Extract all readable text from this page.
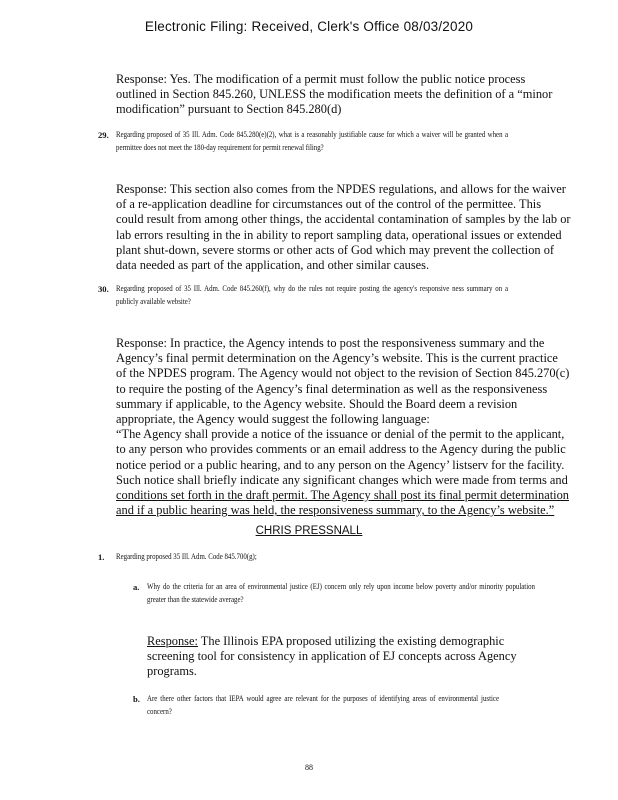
Electronic Filing: Received, Clerk's Office 08/03/2020
Response: Yes. The modification of a permit must follow the public notice process
outlined in Section 845.260, UNLESS the modification meets the definition of a “minor
modification” pursuant to Section 845.280(d)
29. Regarding proposed of 35 Ill. Adm. Code 845.280(e)(2), what is a reasonably justifiable cause for which a waiver will be granted when a permittee does not meet the 180-day requirement for permit renewal filing?
Response: This section also comes from the NPDES regulations, and allows for the waiver
of a re-application deadline for circumstances out of the control of the permittee. This
could result from among other things, the accidental contamination of samples by the lab or
lab errors resulting in the in ability to report sampling data, operational issues or extended
plant shut-down, severe storms or other acts of God which may prevent the collection of
data needed as part of the application, and other similar causes.
30. Regarding proposed of 35 Ill. Adm. Code 845.260(f), why do the rules not require posting the agency's responsive ness summary on a publicly available website?
Response: In practice, the Agency intends to post the responsiveness summary and the
Agency’s final permit determination on the Agency’s website. This is the current practice
of the NPDES program. The Agency would not object to the revision of Section 845.270(c)
to require the posting of the Agency’s final determination as well as the responsiveness
summary if applicable, to the Agency website. Should the Board deem a revision
appropriate, the Agency would suggest the following language:
“The Agency shall provide a notice of the issuance or denial of the permit to the applicant,
to any person who provides comments or an email address to the Agency during the public
notice period or a public hearing, and to any person on the Agency’ listserv for the facility.
Such notice shall briefly indicate any significant changes which were made from terms and
conditions set forth in the draft permit. The Agency shall post its final permit determination
and if a public hearing was held, the responsiveness summary, to the Agency’s website.”
CHRIS PRESSNALL
1. Regarding proposed 35 Ill. Adm. Code 845.700(g);
a. Why do the criteria for an area of environmental justice (EJ) concern only rely upon income below poverty and/or minority population greater than the statewide average?
Response: The Illinois EPA proposed utilizing the existing demographic
screening tool for consistency in application of EJ concepts across Agency
programs.
b. Are there other factors that IEPA would agree are relevant for the purposes of identifying areas of environmental justice concern?
88
